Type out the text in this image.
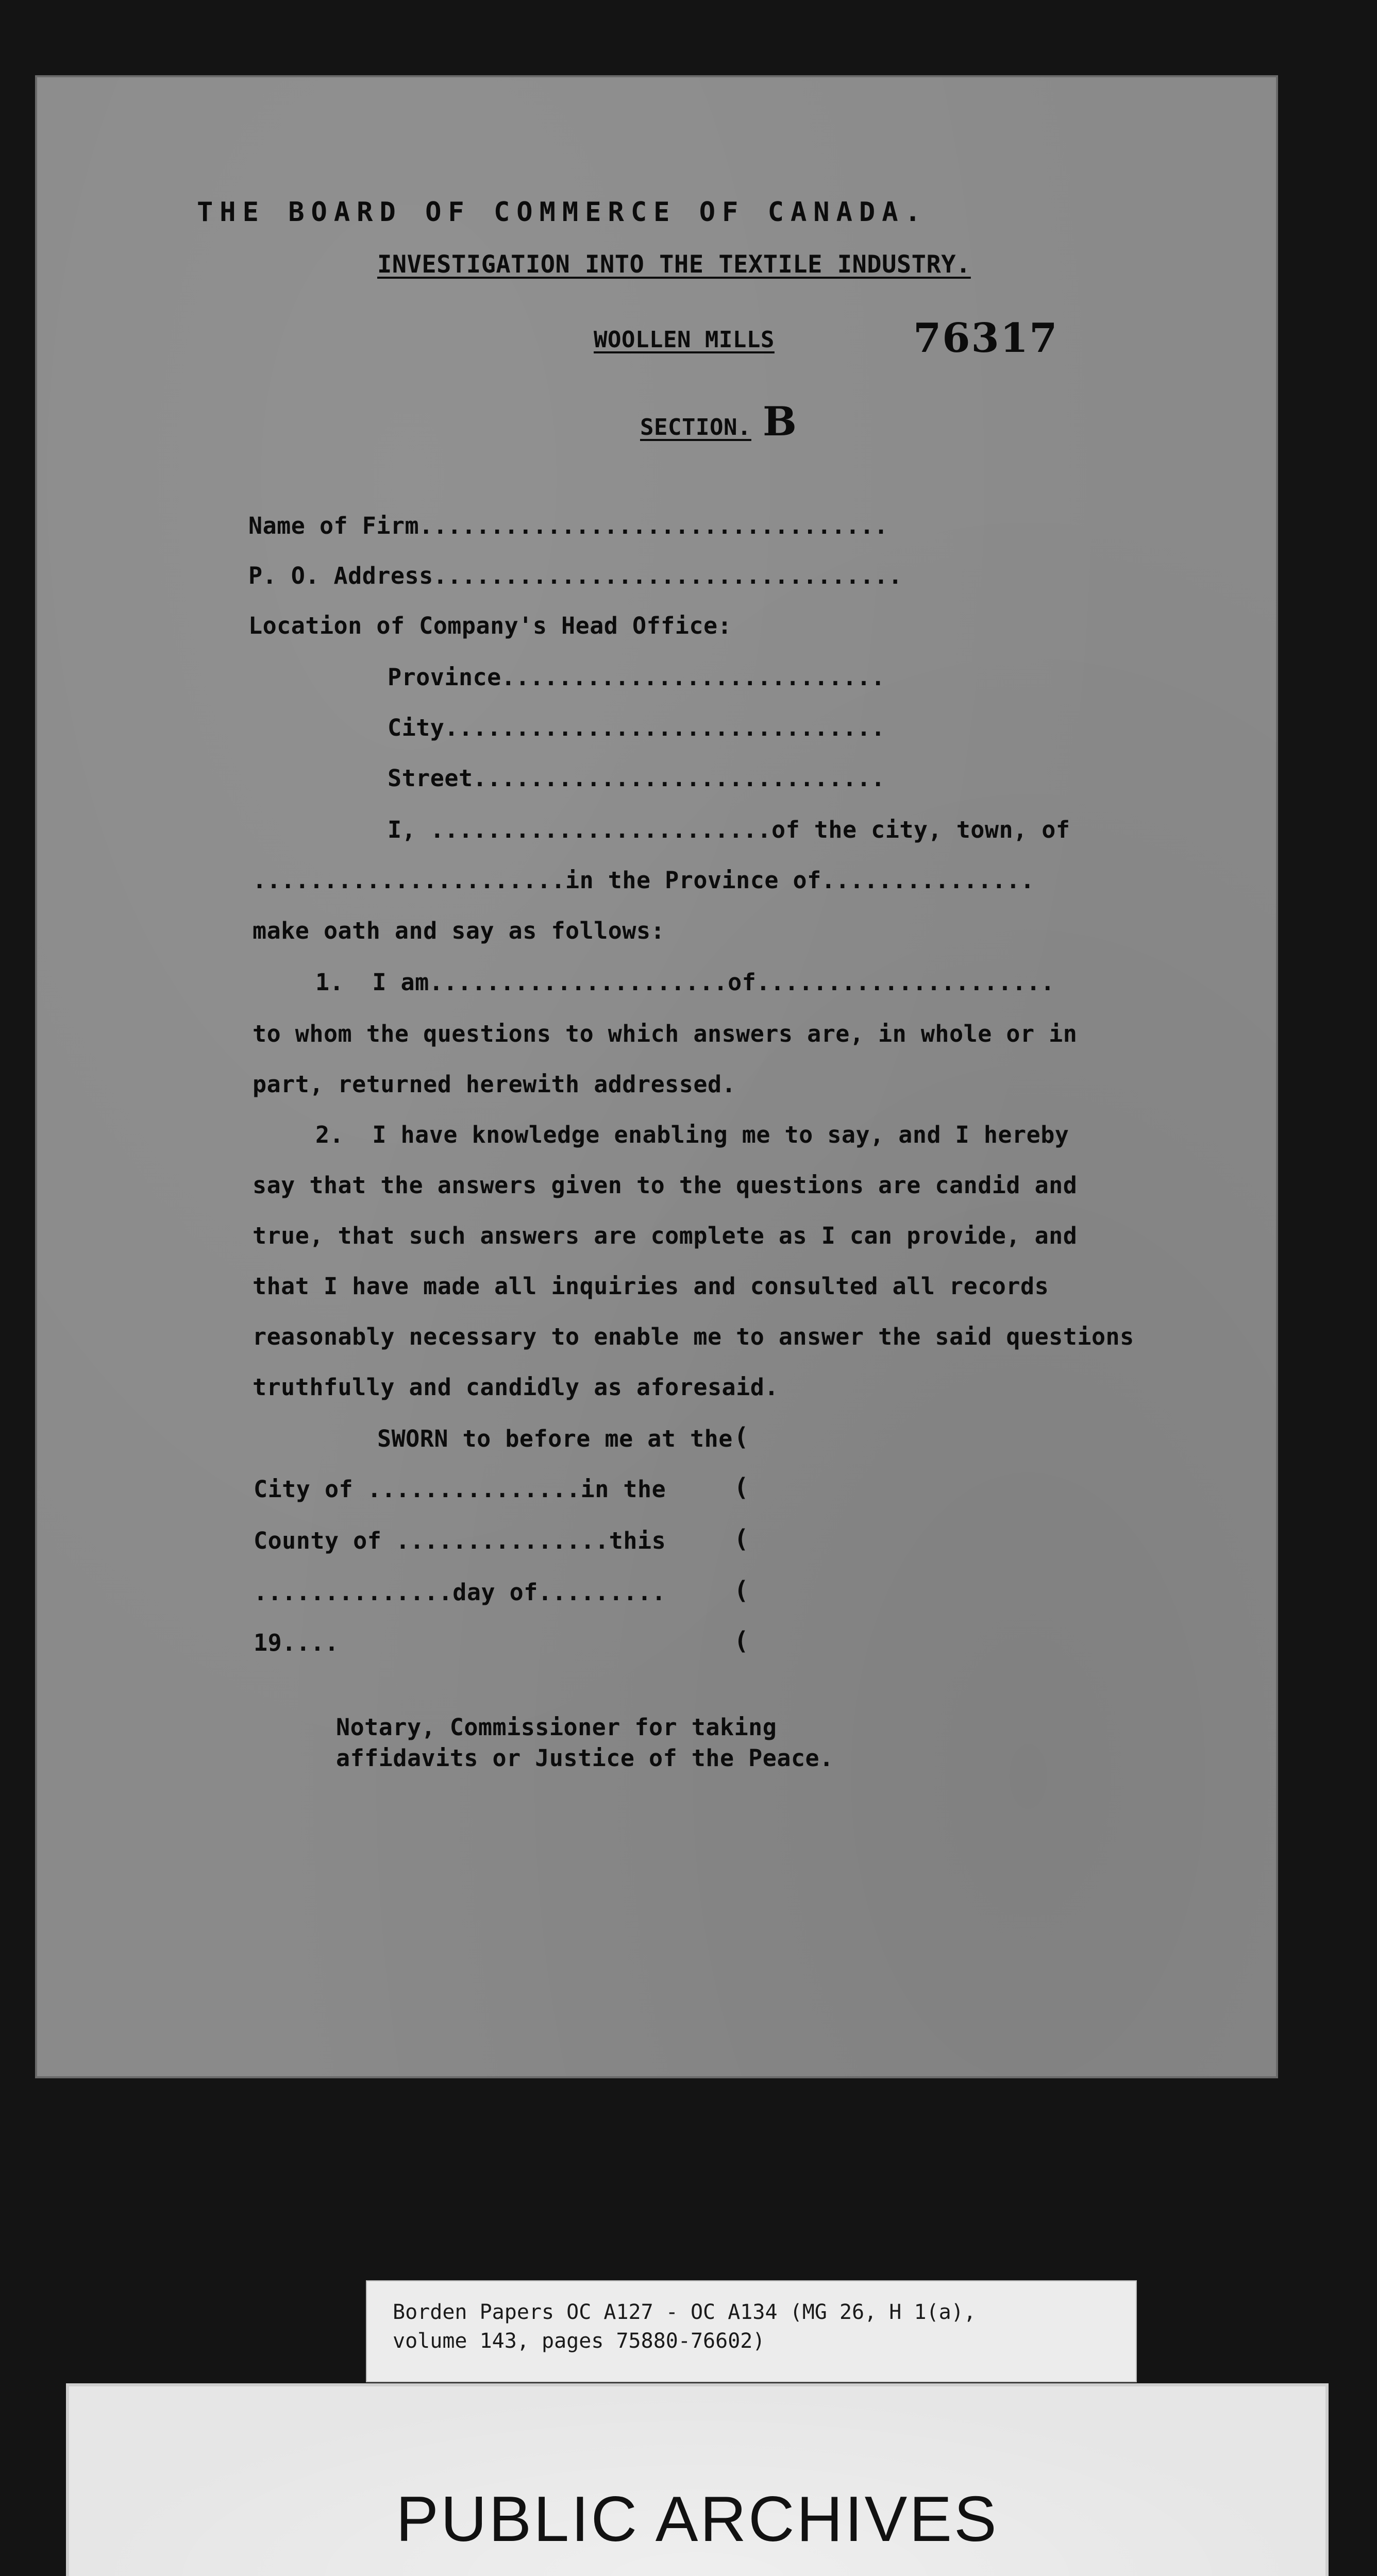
THE BOARD OF COMMERCE OF CANADA.
INVESTIGATION INTO THE TEXTILE INDUSTRY.
WOOLLEN MILLS	76317
SECTION. B
Name of Firm.................................
P. O. Address.................................
Location of Company's Head Office:
Province...........................
City...............................
Street.............................
I, ........................of the city, town, of
......................in the Province of...............
make oath and say as follows:
1.  I am.....................of.....................
to whom the questions to which answers are, in whole or in
part, returned herewith addressed.
2.  I have knowledge enabling me to say, and I hereby
say that the answers given to the questions are candid and
true, that such answers are complete as I can provide, and
that I have made all inquiries and consulted all records
reasonably necessary to enable me to answer the said questions
truthfully and candidly as aforesaid.
SWORN to before me at the
City of ...............in the
County of ...............this
..............day of.........
19....
(
(
(
(
(
Notary, Commissioner for taking
affidavits or Justice of the Peace.
Borden Papers OC A127 - OC A134 (MG 26, H 1(a),
volume 143, pages 75880-76602)
PUBLIC ARCHIVES
